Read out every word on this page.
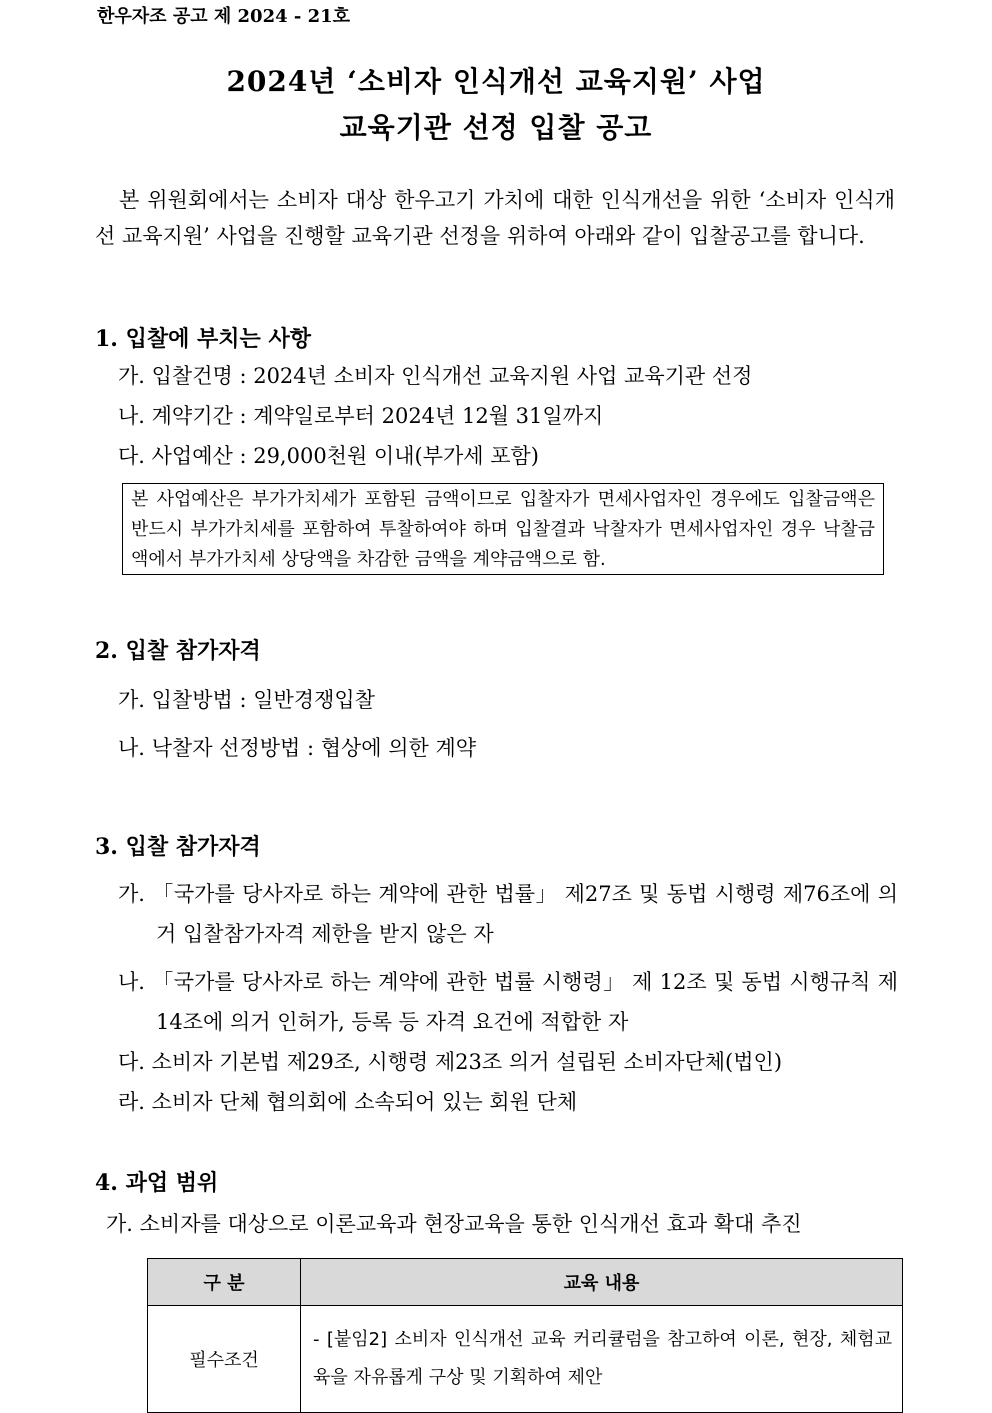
한우자조 공고 제 2024 - 21호
2024년 ‘소비자 인식개선 교육지원’ 사업
교육기관 선정 입찰 공고
본 위원회에서는 소비자 대상 한우고기 가치에 대한 인식개선을 위한 ‘소비자 인식개선 교육지원’ 사업을 진행할 교육기관 선정을 위하여 아래와 같이 입찰공고를 합니다.
1. 입찰에 부치는 사항
가. 입찰건명 : 2024년 소비자 인식개선 교육지원 사업 교육기관 선정
나. 계약기간 : 계약일로부터 2024년 12월 31일까지
다. 사업예산 : 29,000천원 이내(부가세 포함)
본 사업예산은 부가가치세가 포함된 금액이므로 입찰자가 면세사업자인 경우에도 입찰금액은 반드시 부가가치세를 포함하여 투찰하여야 하며 입찰결과 낙찰자가 면세사업자인 경우 낙찰금액에서 부가가치세 상당액을 차감한 금액을 계약금액으로 함.
2. 입찰 참가자격
가. 입찰방법 : 일반경쟁입찰
나. 낙찰자 선정방법 : 협상에 의한 계약
3. 입찰 참가자격
가. 「국가를 당사자로 하는 계약에 관한 법률」 제27조 및 동법 시행령 제76조에 의거 입찰참가자격 제한을 받지 않은 자
나. 「국가를 당사자로 하는 계약에 관한 법률 시행령」 제 12조 및 동법 시행규칙 제14조에 의거 인허가, 등록 등 자격 요건에 적합한 자
다. 소비자 기본법 제29조, 시행령 제23조 의거 설립된 소비자단체(법인)
라. 소비자 단체 협의회에 소속되어 있는 회원 단체
4. 과업 범위
가. 소비자를 대상으로 이론교육과 현장교육을 통한 인식개선 효과 확대 추진
구 분	교육 내용
필수조건	- [붙임2] 소비자 인식개선 교육 커리큘럼을 참고하여 이론, 현장, 체험교육을 자유롭게 구상 및 기획하여 제안
